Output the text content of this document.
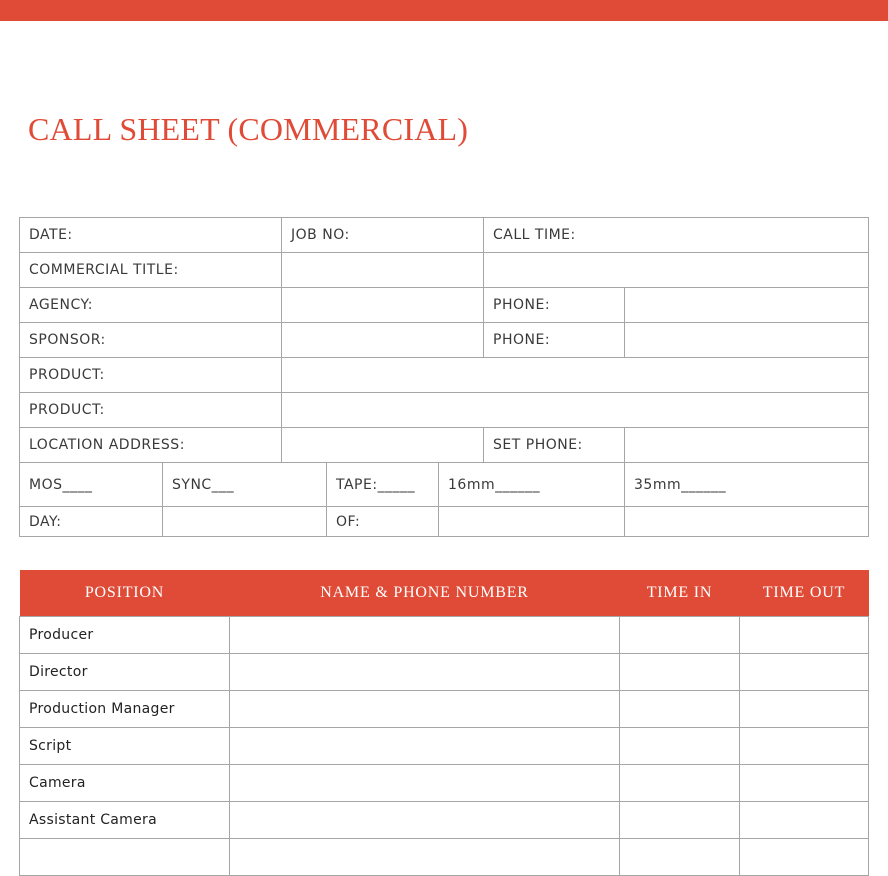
CALL SHEET (COMMERCIAL)
DATE:		JOB NO:			CALL TIME:	
COMMERCIAL TITLE:						
AGENCY:					PHONE:	
SPONSOR:					PHONE:	
PRODUCT:						
PRODUCT:						
LOCATION ADDRESS:					SET PHONE:	
MOS____	SYNC___		TAPE:_____	16mm______		35mm______
DAY:			OF:			
POSITION	NAME & PHONE NUMBER	TIME IN	TIME OUT
Producer			
Director			
Production Manager			
Script			
Camera			
Assistant Camera			
